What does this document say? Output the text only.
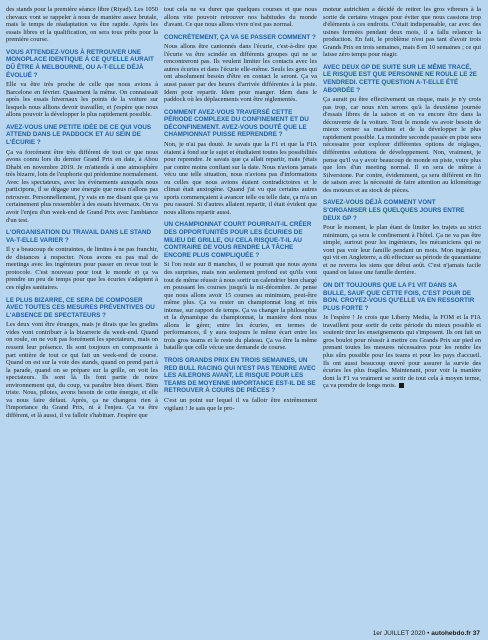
des stands pour la première séance libre (Riyad). Les 1050 chevaux vont se rappeler à nous de manière assez brutale, mais le temps de réadaptation va être rapide. Après les essais libres et la qualification, on sera tous prêts pour la première course.

VOUS ATTENDEZ-VOUS À RETROUVER UNE MONOPLACE IDENTIQUE À CE QU'ELLE AURAIT DÛ ÊTRE À MELBOURNE, OU A-T-ELLE DÉJÀ ÉVOLUÉ ?

Elle va être très proche de celle que nous avions à Barcelone en février. Quasiment la même. On connaissait après les essais hivernaux les points de la voiture sur lesquels nous allions devoir travailler, et j'espère que nous allons pouvoir la développer le plus rapidement possible.

AVEZ-VOUS UNE PETITE IDÉE DE CE QUI VOUS ATTEND DANS LE PADDOCK ET AU SEIN DE L'ÉCURIE ?

Ça va forcément être très différent de tout ce que nous avons connu lors du dernier Grand Prix en date, à Abou Dhabi en novembre 2019. Je m'attends à une atmosphère très bizarre, loin de l'euphorie qui prédomine normalement. Avec les spectateurs, avec les événements auxquels nous participons, il se dégage une énergie que nous n'allons pas retrouver. Personnellement, j'y vais en me disant que ça va certainement plus ressembler à des essais hivernaux. On va avoir l'enjeu d'un week-end de Grand Prix avec l'ambiance d'un test.

L'ORGANISATION DU TRAVAIL DANS LE STAND VA-T-ELLE VARIER ?

Il y a beaucoup de contraintes, de limites à ne pas franchir, de distances à respecter. Nous avons eu pas mal de meetings avec les ingénieurs pour passer en revue tout le protocole. C'est nouveau pour tout le monde et ça va prendre un peu de temps pour que les écuries s'adaptent à ces règles sanitaires.

LE PLUS BIZARRE, CE SERA DE COMPOSER AVEC TOUTES CES MESURES PRÉVENTIVES OU L'ABSENCE DE SPECTATEURS ?

Les deux vont être étranges, mais je dirais que les gradins vides vont contribuer à la bizarrerie du week-end. Quand on roule, on ne voit pas forcément les spectateurs, mais on ressent leur présence. Ils sont toujours en composante à part entière de tout ce qui fait un week-end de course. Quand on est sur la voie des stands, quand on prend part à la parade, quand on se prépare sur la grille, on voit les spectateurs. Ils sont là. Ils font partie de notre environnement qui, du coup, va paraître bien désert. Bien triste. Nous, pilotes, avons besoin de cette énergie, et elle va nous faire défaut. Après, ça ne changera rien à l'importance du Grand Prix, ni à l'enjeu. Ça va être différent, et là aussi, il va falloir s'habituer. J'espère que

tout cela ne va durer que quelques courses et que nous allons vite pouvoir retrouver nos habitudes du monde d'avant. Ce que nous allons vivre n'est pas normal.

CONCRÈTEMENT, ÇA VA SE PASSER COMMENT ?

Nous allons être cantonnés dans l'écurie, c'est-à-dire que l'écurie va être scindée en différents groupes qui ne se rencontreront pas. Ils veulent limiter les contacts avec les autres écuries et dans l'écurie elle-même. Seuls les gens qui ont absolument besoin d'être en contact le seront. Ça va aussi passer par des heures d'arrivée différentes à la piste. Idem pour repartir. Idem pour manger. Idem dans le paddock où les déplacements vont être réglementés.

COMMENT AVEZ-VOUS TRAVERSÉ CETTE PÉRIODE COMPLEXE DU CONFINEMENT ET DU DÉCONFINEMENT. AVEZ-VOUS DOUTÉ QUE LE CHAMPIONNAT PUISSE REPRENDRE ?

Non, je n'ai pas douté. Je savais que la F1 et que la FIA étaient à fond sur le sujet et étudiaient toutes les possibilités pour reprendre. Je savais que ça allait repartir, mais j'étais par contre moins confiant sur la date. Nous n'avions jamais vécu une telle situation, nous n'avions pas d'informations ou celles que nous avions étaient contradictoires et le climat était anxiogène. Quand j'ai vu que certains autres sports commençaient à avancer telle ou telle date, ça m'a un peu rassuré. Si d'autres allaient repartir, il était évident que nous allions repartir aussi.

UN CHAMPIONNAT COURT POURRAIT-IL CRÉER DES OPPORTUNITÉS POUR LES ÉCURIES DE MILIEU DE GRILLE, OU CELA RISQUE-T-IL AU CONTRAIRE DE VOUS RENDRE LA TÂCHE ENCORE PLUS COMPLIQUÉE ?

Si l'on reste sur 8 manches, il se pourrait que nous ayons des surprises, mais non seulement profond est qu'ils vont tout de même réussir à nous sortir un calendrier bien chargé en poussant les courses jusqu'à la mi-décembre. Je pense que nous allons avoir 15 courses au minimum, peut-être même plus. Ça va rester un championnat long et très intense, sur rapport de temps. Ça va changer la philosophie et la dynamique du championnat, la manière dont nous allons le gérer, entre les écuries, en termes de performances, il y aura toujours le même écart entre les trois gros teams et le reste du plateau. Ça va être la même bataille que celle vécue une demande de course.

TROIS GRANDS PRIX EN TROIS SEMAINES, UN RED BULL RACING QUI N'EST PAS TENDRE AVEC LES AILERONS AVANT, LE RISQUE POUR LES TEAMS DE MOYENNE IMPORTANCE EST-IL DE SE RETROUVER À COURS DE PIÈCES ?

C'est un point sur lequel il va falloir être extrêmement vigilant ! Je sais que le pro-

moteur autrichien a décidé de retirer les gros vibreurs à la sortie de certains virages pour éviter que nous cassions trop d'éléments à ces endroits. C'était indispensable, car avec des usines fermées pendant deux mois, il a fallu relancer la production. En fait, le problème n'est pas tant d'avoir trois Grands Prix en trois semaines, mais 8 en 10 semaines ; ce qui laisse zéro temps pour réagir.

AVEC DEUX GP DE SUITE SUR LE MÊME TRACÉ, LE RISQUE EST QUE PERSONNE NE ROULE LE 2E VENDREDI. CETTE QUESTION A-T-ELLE ÉTÉ ABORDÉE ?

Ça aurait pu être effectivement un risque, mais je n'y crois pas trop, car nous n'en serons qu'à la deuxième journée d'essais libres de la saison et on va encore être dans la découverte de la voiture. Tout le monde va avoir besoin de mieux cerner sa machine et de la développer le plus rapidement possible. La moindre seconde passée en piste sera nécessaire pour explorer différentes options de réglages, différentes solutions de développement. Non, vraiment, je pense qu'il va y avoir beaucoup de monde en piste, voire plus que lors d'un meeting normal. Il en sera de même à Silverstone. Par contre, évidemment, ça sera différent en fin de saison avec la nécessité de faire attention au kilométrage des moteurs et au stock de pièces.

SAVEZ-VOUS DÉJÀ COMMENT VONT S'ORGANISER LES QUELQUES JOURS ENTRE DEUX GP ?

Pour le moment, le plan étant de limiter les trajets au strict minimum, ça sera le confinement à l'hôtel. Ça ne va pas être simple, surtout pour les ingénieurs, les mécaniciens qui ne vont pas voir leur famille pendant un mois. Mon ingénieur, qui vit en Angleterre, a dû effectuer sa période de quarantaine et ne reverra les siens que début août. C'est n'jamais facile quand on laisse une famille derrière.

ON DIT TOUJOURS QUE LA F1 VIT DANS SA BULLE, SAUF QUE CETTE FOIS, C'EST POUR DE BON. CROYEZ-VOUS QU'ELLE VA EN RESSORTIR PLUS FORTE ?

Je l'espère ! Je crois que Liberty Media, la FOM et la FIA travaillent pour sortir de cette période du mieux possible et soutenir tirer les enseignements qui s'imposent. Ils ont fait un gros boulot pour réussir à mettre ces Grands Prix sur pied en prenant toutes les mesures nécessaires pour les rendre les plus sûrs possible pour les teams et pour les pays d'accueil. Ils ont aussi beaucoup œuvré pour assurer la survie des écuries les plus fragiles. Maintenant, pour voir la manière dont la F1 va vraiment se sortir de tout cela à moyen terme, ça va prendre de longs mois.

1er JUILLET 2020 • autohebdo.fr 37
